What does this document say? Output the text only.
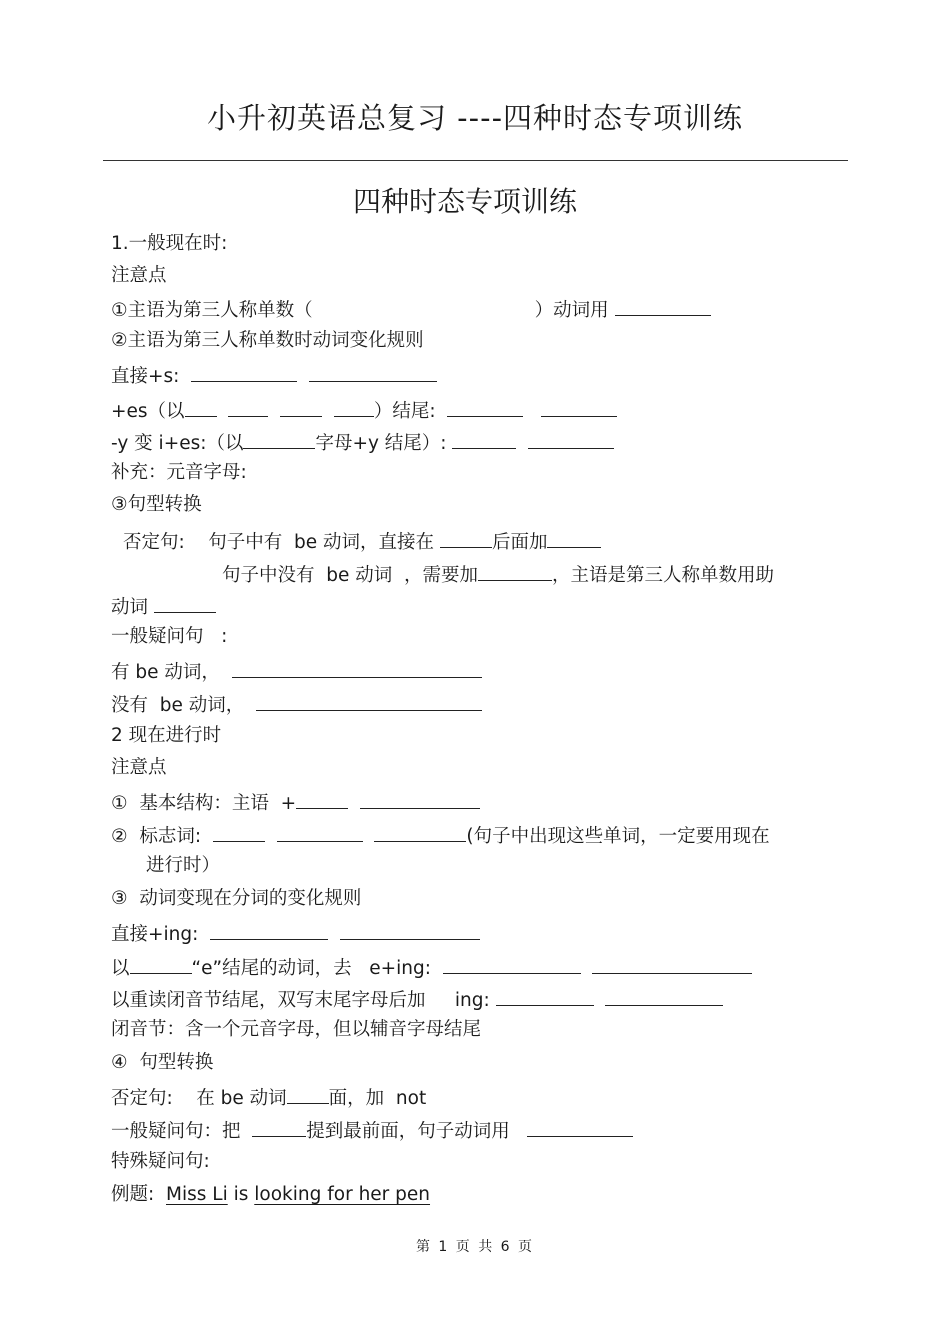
小升初英语总复习 ----四种时态专项训练
四种时态专项训练
1.一般现在时:
注意点
①主语为第三人称单数（	）动词用
②主语为第三人称单数时动词变化规则
直接+s:
+es（以	）结尾:
-y 变 i+es:（以	字母+y 结尾）:
补充：元音字母:
③句型转换
否定句: 句子中有  be 动词，直接在	后面加
句子中没有  be 动词  ，需要加	，主语是第三人称单数用助
动词
一般疑问句   :
有 be 动词，
没有  be 动词，
2 现在进行时
注意点
①  基本结构：主语  +
②  标志词:	(句子中出现这些单词，一定要用现在
进行时）
③  动词变现在分词的变化规则
直接+ing:
以	“e”结尾的动词，去   e+ing:
以重读闭音节结尾，双写末尾字母后加     ing:
闭音节：含一个元音字母，但以辅音字母结尾
④  句型转换
否定句: 在 be 动词 面，加  not
一般疑问句：把	提到最前面，句子动词用
特殊疑问句:
例题: Miss Li is looking for her pen
第 1 页 共 6 页
